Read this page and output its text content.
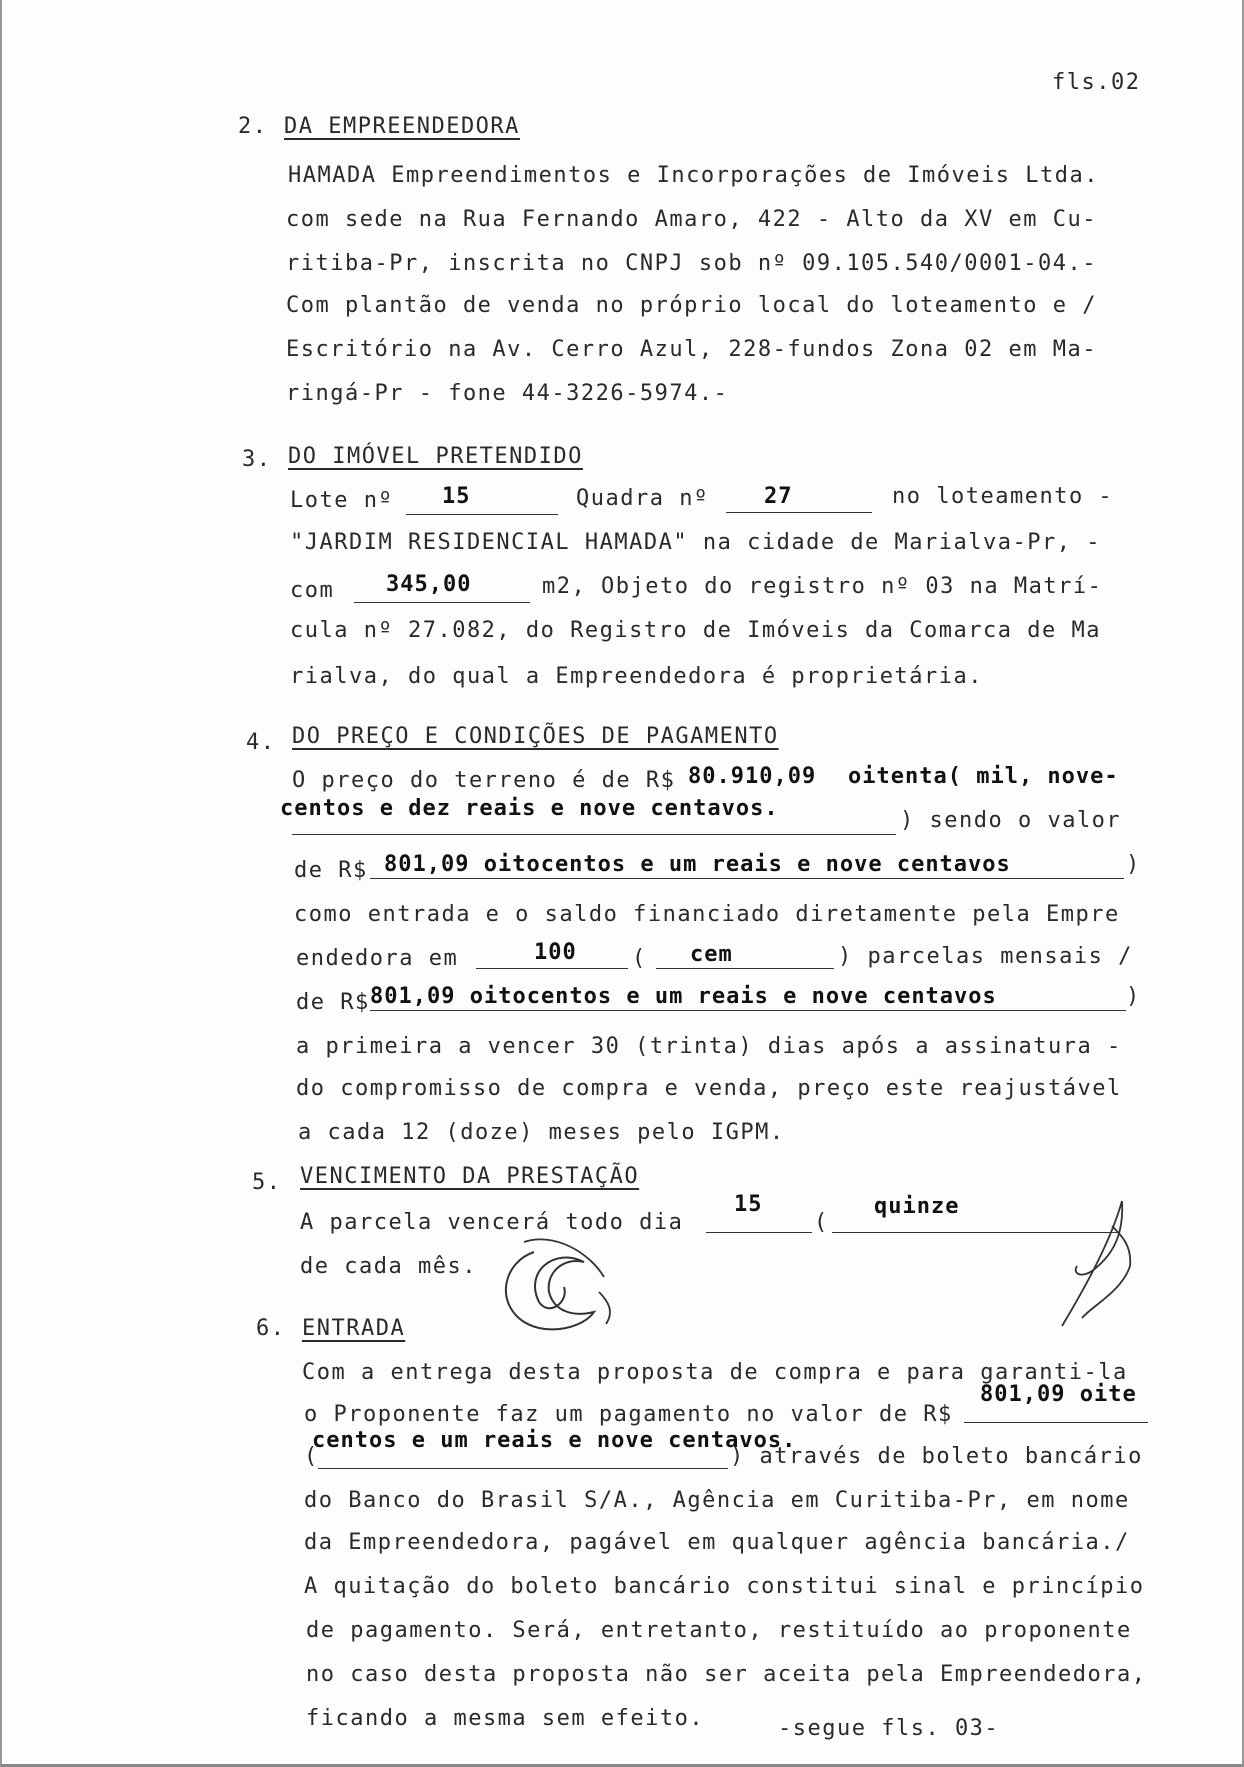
fls.02
2. DA EMPREENDEDORA
HAMADA Empreendimentos e Incorporações de Imóveis Ltda.
com sede na Rua Fernando Amaro, 422 - Alto da XV em Cu-
ritiba-Pr, inscrita no CNPJ sob nº 09.105.540/0001-04.-
Com plantão de venda no próprio local do loteamento e /
Escritório na Av. Cerro Azul, 228-fundos Zona 02 em Ma-
ringá-Pr - fone 44-3226-5974.-
3. DO IMÓVEL PRETENDIDO
Lote nº 15	Quadra nº	27	no loteamento -
"JARDIM RESIDENCIAL HAMADA" na cidade de Marialva-Pr, -
com 345,00	m2, Objeto do registro nº 03 na Matrí-
cula nº 27.082, do Registro de Imóveis da Comarca de Ma
rialva, do qual a Empreendedora é proprietária.
4. DO PREÇO E CONDIÇÕES DE PAGAMENTO
O preço do terreno é de R$ 80.910,09 oitenta( mil, nove-
centos e dez reais e nove centavos.	) sendo o valor
de R$ 801,09 oitocentos e um reais e nove centavos	)
como entrada e o saldo financiado diretamente pela Empre
endedora em	100	( cem	) parcelas mensais /
de R$ 801,09 oitocentos e um reais e nove centavos	)
a primeira a vencer 30 (trinta) dias após a assinatura -
do compromisso de compra e venda, preço este reajustável
a cada 12 (doze) meses pelo IGPM.
5. VENCIMENTO DA PRESTAÇÃO
A parcela vencerá todo dia
15
(
quinze
de cada mês.
6. ENTRADA
Com a entrega desta proposta de compra e para garanti-la
o Proponente faz um pagamento no valor de R$
801,09 oite
centos e um reais e nove centavos.
(	) através de boleto bancário
do Banco do Brasil S/A., Agência em Curitiba-Pr, em nome
da Empreendedora, pagável em qualquer agência bancária./
A quitação do boleto bancário constitui sinal e princípio
de pagamento. Será, entretanto, restituído ao proponente
no caso desta proposta não ser aceita pela Empreendedora,
ficando a mesma sem efeito.	-segue fls. 03-
